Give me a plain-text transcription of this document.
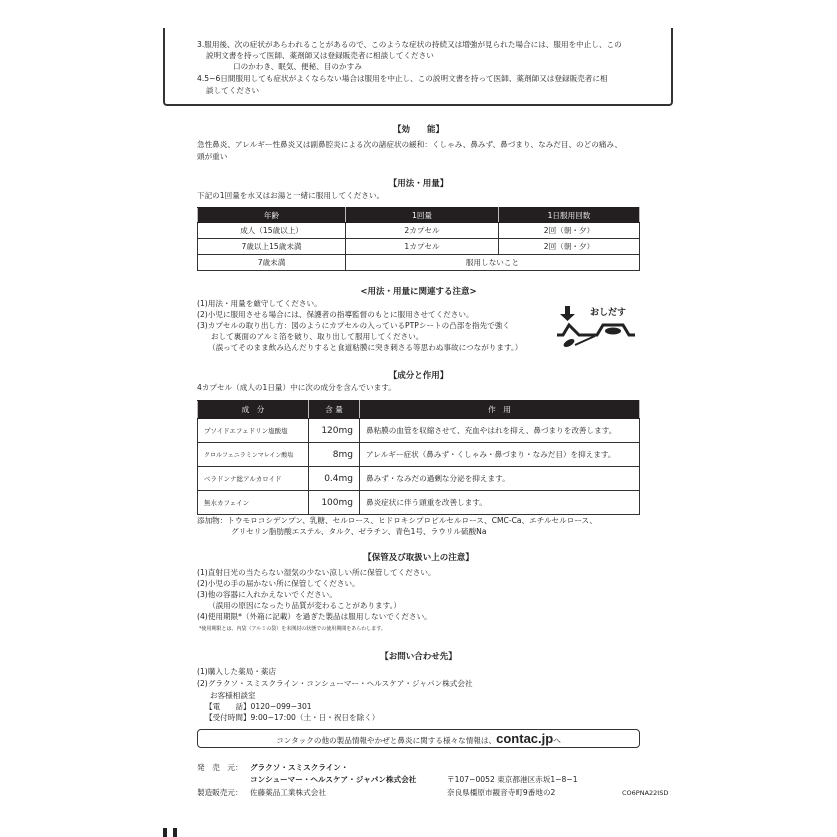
3.服用後、次の症状があらわれることがあるので、このような症状の持続又は増強が見られた場合には、服用を中止し、この
説明文書を持って医師、薬剤師又は登録販売者に相談してください
口のかわき、眠気、便秘、目のかすみ
4.5~6日間服用しても症状がよくならない場合は服用を中止し、この説明文書を持って医師、薬剤師又は登録販売者に相
談してください
【効　　能】
急性鼻炎、アレルギー性鼻炎又は副鼻腔炎による次の諸症状の緩和：くしゃみ、鼻みず、鼻づまり、なみだ目、のどの痛み、
頭が重い
【用法・用量】
下記の1回量を水又はお湯と一緒に服用してください。
年齢	1回量	1日服用回数
成人（15歳以上）	2カプセル	2回（朝・夕）
7歳以上15歳未満	1カプセル	2回（朝・夕）
7歳未満	服用しないこと	
<用法・用量に関連する注意>
(1)用法・用量を厳守してください。
(2)小児に服用させる場合には、保護者の指導監督のもとに服用させてください。
(3)カプセルの取り出し方：図のようにカプセルの入っているPTPシートの凸部を指先で強く
おして裏面のアルミ箔を破り、取り出して服用してください。
（誤ってそのまま飲み込んだりすると食道粘膜に突き刺さる等思わぬ事故につながります。）
おしだす
【成分と作用】
4カプセル（成人の1日量）中に次の成分を含んでいます。
成　分	含 量	作　用
プソイドエフェドリン塩酸塩	120mg	鼻粘膜の血管を収縮させて、充血やはれを抑え、鼻づまりを改善します。
クロルフェニラミンマレイン酸塩	8mg	アレルギー症状（鼻みず・くしゃみ・鼻づまり・なみだ目）を抑えます。
ベラドンナ総アルカロイド	0.4mg	鼻みず・なみだの過剰な分泌を抑えます。
無水カフェイン	100mg	鼻炎症状に伴う頭重を改善します。
添加物：トウモロコシデンプン、乳糖、セルロース、ヒドロキシプロピルセルロース、CMC-Ca、エチルセルロース、
グリセリン脂肪酸エステル、タルク、ゼラチン、青色1号、ラウリル硫酸Na
【保管及び取扱い上の注意】
(1)直射日光の当たらない湿気の少ない涼しい所に保管してください。
(2)小児の手の届かない所に保管してください。
(3)他の容器に入れかえないでください。
（誤用の原因になったり品質が変わることがあります。）
(4)使用期限*（外箱に記載）を過ぎた製品は服用しないでください。
*使用期限とは、内袋（アルミの袋）を未開封の状態での使用期間をあらわします。
【お問い合わせ先】
(1)購入した薬局・薬店
(2)グラクソ・スミスクライン・コンシューマー・ヘルスケア・ジャパン株式会社
お客様相談室
【電　　話】0120−099−301
【受付時間】9:00~17:00（土・日・祝日を除く）
コンタックの他の製品情報やかぜと鼻炎に関する様々な情報は、contac.jpへ
発　売　元： グラクソ・スミスクライン・
コンシューマー・ヘルスケア・ジャパン株式会社	〒107−0052 東京都港区赤坂1−8−1
製造販売元： 佐藤薬品工業株式会社	奈良県橿原市観音寺町9番地の2	CO6PNA22ISD
